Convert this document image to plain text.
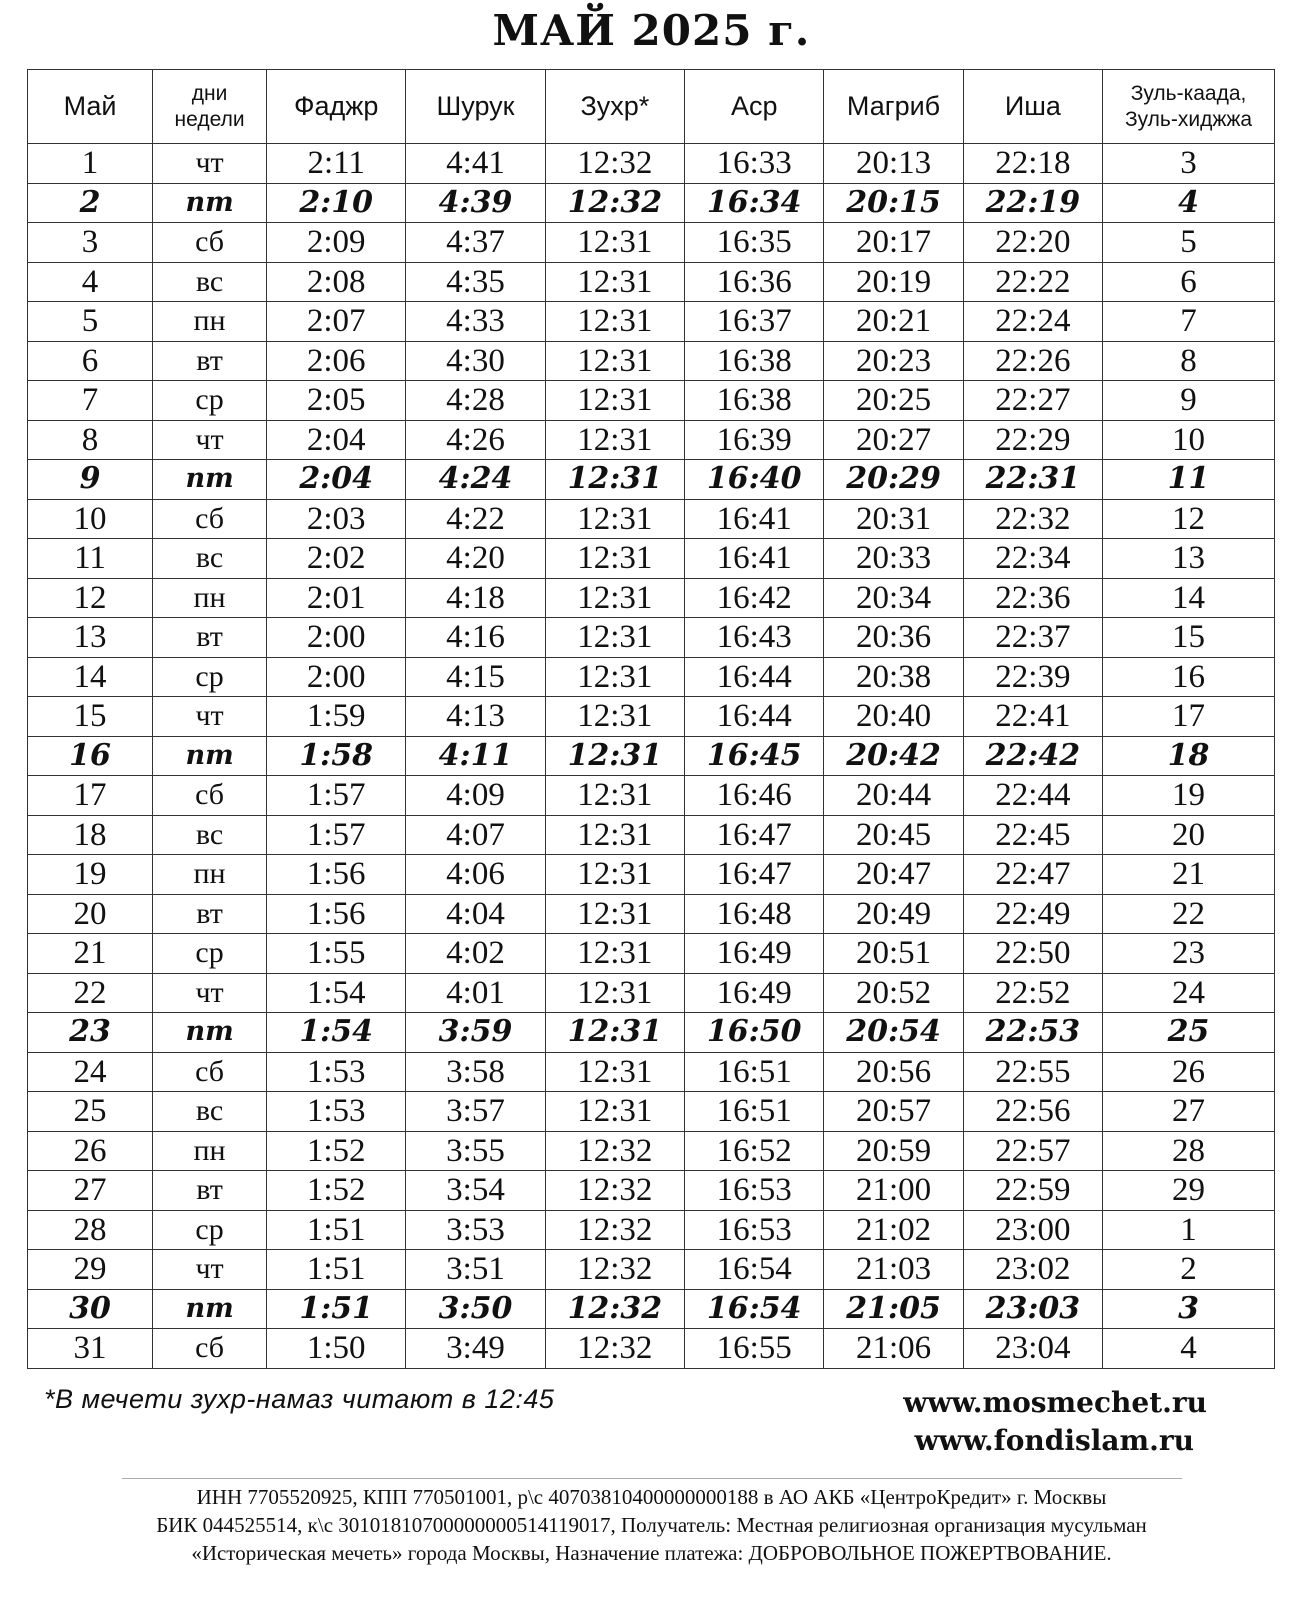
МАЙ 2025 г.
Май	дни
недели	Фаджр	Шурук	Зухр*	Аср	Магриб	Иша	Зуль-каада,
Зуль-хиджжа
1	чт	2:11	4:41	12:32	16:33	20:13	22:18	3
2	пт	2:10	4:39	12:32	16:34	20:15	22:19	4
3	сб	2:09	4:37	12:31	16:35	20:17	22:20	5
4	вс	2:08	4:35	12:31	16:36	20:19	22:22	6
5	пн	2:07	4:33	12:31	16:37	20:21	22:24	7
6	вт	2:06	4:30	12:31	16:38	20:23	22:26	8
7	ср	2:05	4:28	12:31	16:38	20:25	22:27	9
8	чт	2:04	4:26	12:31	16:39	20:27	22:29	10
9	пт	2:04	4:24	12:31	16:40	20:29	22:31	11
10	сб	2:03	4:22	12:31	16:41	20:31	22:32	12
11	вс	2:02	4:20	12:31	16:41	20:33	22:34	13
12	пн	2:01	4:18	12:31	16:42	20:34	22:36	14
13	вт	2:00	4:16	12:31	16:43	20:36	22:37	15
14	ср	2:00	4:15	12:31	16:44	20:38	22:39	16
15	чт	1:59	4:13	12:31	16:44	20:40	22:41	17
16	пт	1:58	4:11	12:31	16:45	20:42	22:42	18
17	сб	1:57	4:09	12:31	16:46	20:44	22:44	19
18	вс	1:57	4:07	12:31	16:47	20:45	22:45	20
19	пн	1:56	4:06	12:31	16:47	20:47	22:47	21
20	вт	1:56	4:04	12:31	16:48	20:49	22:49	22
21	ср	1:55	4:02	12:31	16:49	20:51	22:50	23
22	чт	1:54	4:01	12:31	16:49	20:52	22:52	24
23	пт	1:54	3:59	12:31	16:50	20:54	22:53	25
24	сб	1:53	3:58	12:31	16:51	20:56	22:55	26
25	вс	1:53	3:57	12:31	16:51	20:57	22:56	27
26	пн	1:52	3:55	12:32	16:52	20:59	22:57	28
27	вт	1:52	3:54	12:32	16:53	21:00	22:59	29
28	ср	1:51	3:53	12:32	16:53	21:02	23:00	1
29	чт	1:51	3:51	12:32	16:54	21:03	23:02	2
30	пт	1:51	3:50	12:32	16:54	21:05	23:03	3
31	сб	1:50	3:49	12:32	16:55	21:06	23:04	4
*В мечети зухр-намаз читают в 12:45	www.mosmechet.ru
www.fondislam.ru
ИНН 7705520925, КПП 770501001, р\с 40703810400000000188 в АО АКБ «ЦентроКредит» г. Москвы
БИК 044525514, к\с 30101810700000000514119017, Получатель: Местная религиозная организация мусульман
«Историческая мечеть» города Москвы, Назначение платежа: ДОБРОВОЛЬНОЕ ПОЖЕРТВОВАНИЕ.
